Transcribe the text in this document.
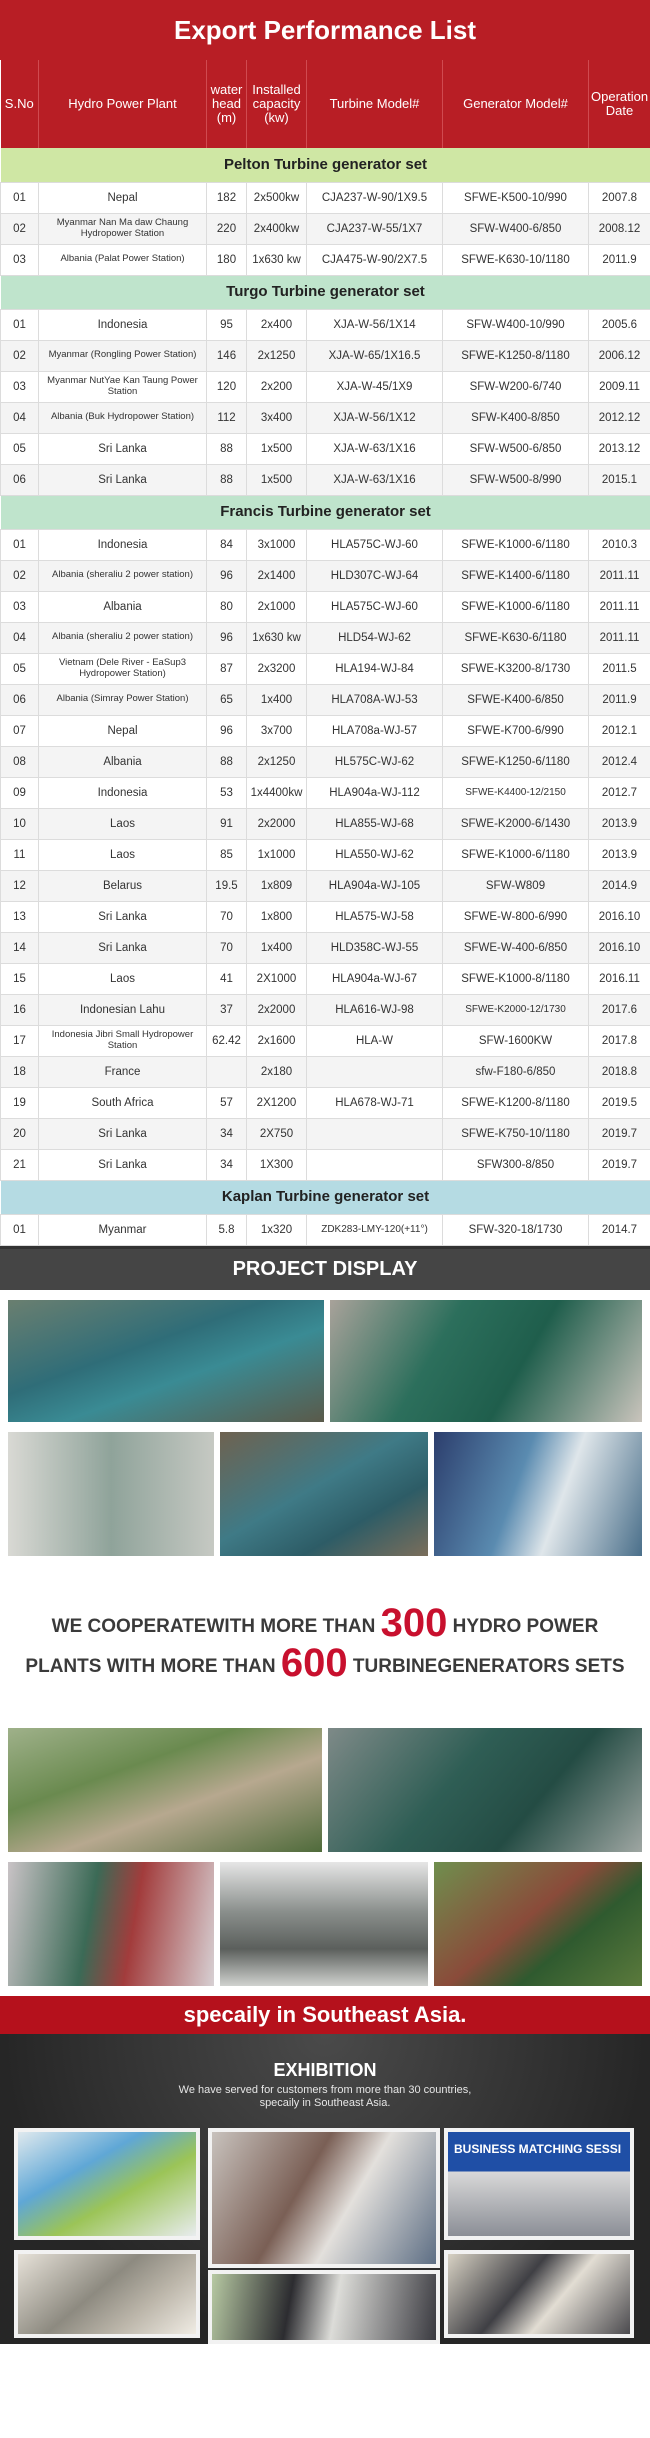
Export Performance List
S.No	Hydro Power Plant	water head (m)	Installed capacity (kw)	Turbine Model#	Generator Model#	Operation Date
Pelton Turbine generator set						
01	Nepal	182	2x500kw	CJA237-W-90/1X9.5	SFWE-K500-10/990	2007.8
02	Myanmar Nan Ma daw Chaung Hydropower Station	220	2x400kw	CJA237-W-55/1X7	SFW-W400-6/850	2008.12
03	Albania (Palat Power Station)	180	1x630 kw	CJA475-W-90/2X7.5	SFWE-K630-10/1180	2011.9
Turgo Turbine generator set						
01	Indonesia	95	2x400	XJA-W-56/1X14	SFW-W400-10/990	2005.6
02	Myanmar (Rongling Power Station)	146	2x1250	XJA-W-65/1X16.5	SFWE-K1250-8/1180	2006.12
03	Myanmar NutYae Kan Taung Power Station	120	2x200	XJA-W-45/1X9	SFW-W200-6/740	2009.11
04	Albania (Buk Hydropower Station)	112	3x400	XJA-W-56/1X12	SFW-K400-8/850	2012.12
05	Sri Lanka	88	1x500	XJA-W-63/1X16	SFW-W500-6/850	2013.12
06	Sri Lanka	88	1x500	XJA-W-63/1X16	SFW-W500-8/990	2015.1
Francis Turbine generator set						
01	Indonesia	84	3x1000	HLA575C-WJ-60	SFWE-K1000-6/1180	2010.3
02	Albania (sheraliu 2 power station)	96	2x1400	HLD307C-WJ-64	SFWE-K1400-6/1180	2011.11
03	Albania	80	2x1000	HLA575C-WJ-60	SFWE-K1000-6/1180	2011.11
04	Albania (sheraliu 2 power station)	96	1x630 kw	HLD54-WJ-62	SFWE-K630-6/1180	2011.11
05	Vietnam (Dele River - EaSup3 Hydropower Station)	87	2x3200	HLA194-WJ-84	SFWE-K3200-8/1730	2011.5
06	Albania (Simray Power Station)	65	1x400	HLA708A-WJ-53	SFWE-K400-6/850	2011.9
07	Nepal	96	3x700	HLA708a-WJ-57	SFWE-K700-6/990	2012.1
08	Albania	88	2x1250	HL575C-WJ-62	SFWE-K1250-6/1180	2012.4
09	Indonesia	53	1x4400kw	HLA904a-WJ-112	SFWE-K4400-12/2150	2012.7
10	Laos	91	2x2000	HLA855-WJ-68	SFWE-K2000-6/1430	2013.9
11	Laos	85	1x1000	HLA550-WJ-62	SFWE-K1000-6/1180	2013.9
12	Belarus	19.5	1x809	HLA904a-WJ-105	SFW-W809	2014.9
13	Sri Lanka	70	1x800	HLA575-WJ-58	SFWE-W-800-6/990	2016.10
14	Sri Lanka	70	1x400	HLD358C-WJ-55	SFWE-W-400-6/850	2016.10
15	Laos	41	2X1000	HLA904a-WJ-67	SFWE-K1000-8/1180	2016.11
16	Indonesian Lahu	37	2x2000	HLA616-WJ-98	SFWE-K2000-12/1730	2017.6
17	Indonesia Jibri Small Hydropower Station	62.42	2x1600	HLA-W	SFW-1600KW	2017.8
18	France		2x180		sfw-F180-6/850	2018.8
19	South Africa	57	2X1200	HLA678-WJ-71	SFWE-K1200-8/1180	2019.5
20	Sri Lanka	34	2X750		SFWE-K750-10/1180	2019.7
21	Sri Lanka	34	1X300		SFW300-8/850	2019.7
Kaplan Turbine generator set						
01	Myanmar	5.8	1x320	ZDK283-LMY-120(+11°)	SFW-320-18/1730	2014.7
PROJECT DISPLAY
WE COOPERATEWITH MORE THAN 300 HYDRO POWER
PLANTS WITH MORE THAN 600 TURBINEGENERATORS SETS
specaily in Southeast Asia.
EXHIBITION
We have served for customers from more than 30 countries,
specaily in Southeast Asia.
BUSINESS MATCHING SESSI
